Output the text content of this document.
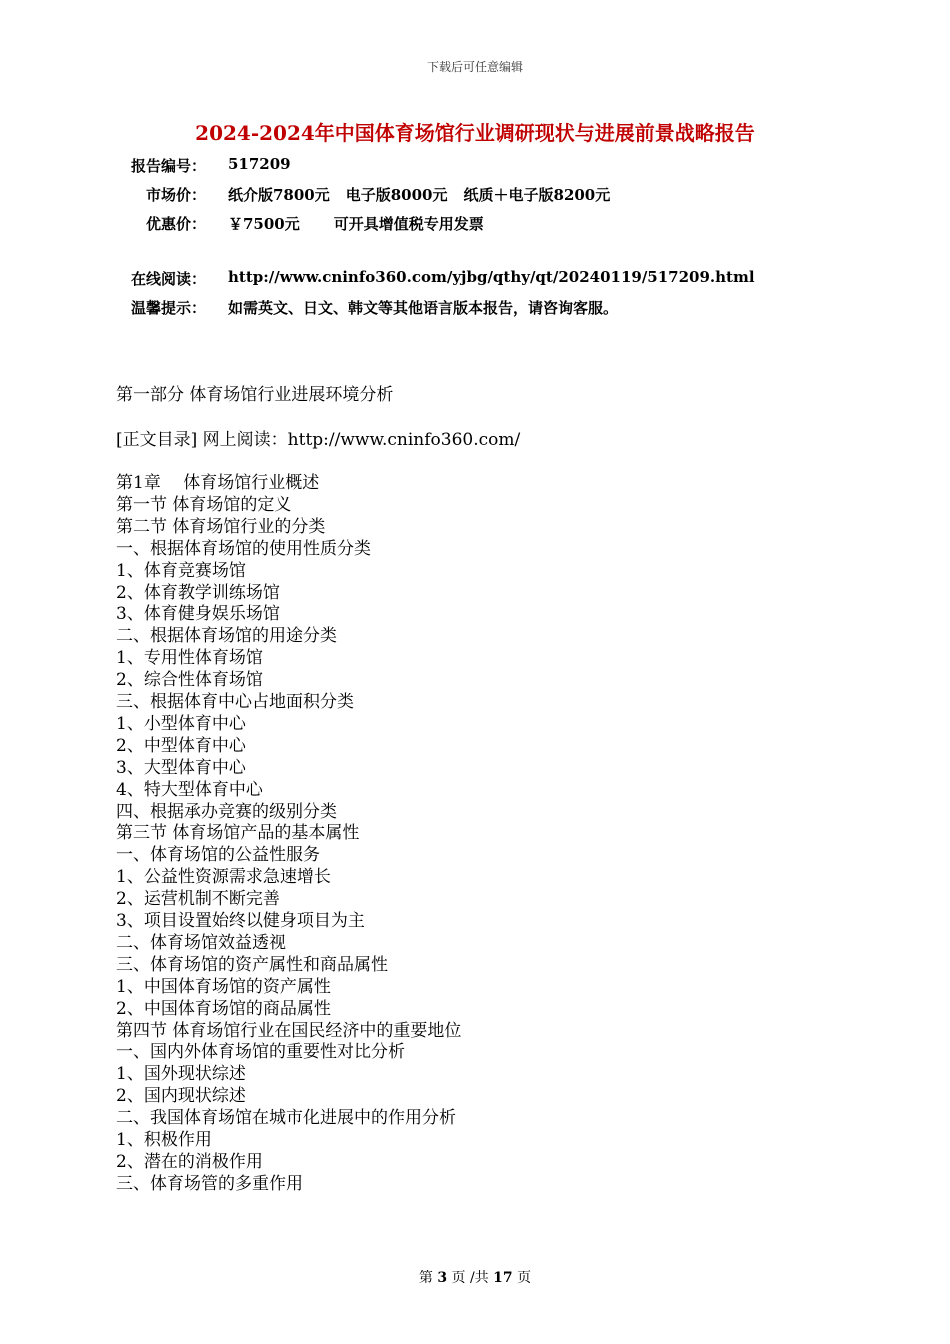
下载后可任意编辑
2024-2024年中国体育场馆行业调研现状与进展前景战略报告
报告编号： 517209
市场价： 纸介版7800元 电子版8000元 纸质＋电子版8200元
优惠价： ￥7500元 可开具增值税专用发票
在线阅读： http://www.cninfo360.com/yjbg/qthy/qt/20240119/517209.html
温馨提示： 如需英文、日文、韩文等其他语言版本报告，请咨询客服。
第一部分 体育场馆行业进展环境分析
[正文目录] 网上阅读：http://www.cninfo360.com/
第1章　 体育场馆行业概述
第一节 体育场馆的定义
第二节 体育场馆行业的分类
一、根据体育场馆的使用性质分类
1、体育竞赛场馆
2、体育教学训练场馆
3、体育健身娱乐场馆
二、根据体育场馆的用途分类
1、专用性体育场馆
2、综合性体育场馆
三、根据体育中心占地面积分类
1、小型体育中心
2、中型体育中心
3、大型体育中心
4、特大型体育中心
四、根据承办竞赛的级别分类
第三节 体育场馆产品的基本属性
一、体育场馆的公益性服务
1、公益性资源需求急速增长
2、运营机制不断完善
3、项目设置始终以健身项目为主
二、体育场馆效益透视
三、体育场馆的资产属性和商品属性
1、中国体育场馆的资产属性
2、中国体育场馆的商品属性
第四节 体育场馆行业在国民经济中的重要地位
一、国内外体育场馆的重要性对比分析
1、国外现状综述
2、国内现状综述
二、我国体育场馆在城市化进展中的作用分析
1、积极作用
2、潜在的消极作用
三、体育场管的多重作用
第 3 页 /共 17 页
